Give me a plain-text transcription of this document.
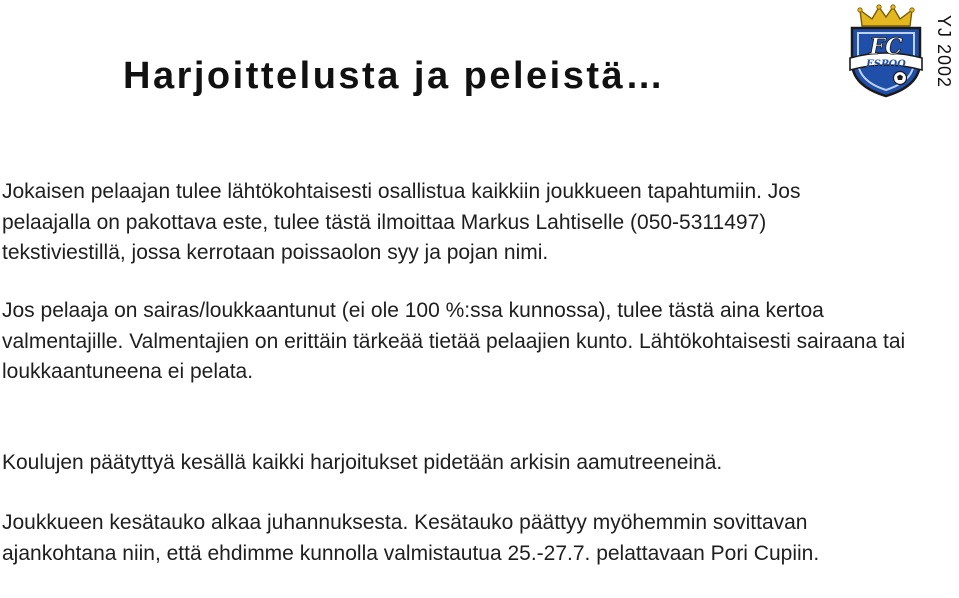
Harjoittelusta ja peleistä…
FC
ESPOO YJ 2002

Jokaisen pelaajan tulee lähtökohtaisesti osallistua kaikkiin joukkueen tapahtumiin. Jos pelaajalla on pakottava este, tulee tästä ilmoittaa Markus Lahtiselle (050-5311497) tekstiviestillä, jossa kerrotaan poissaolon syy ja pojan nimi.

Jos pelaaja on sairas/loukkaantunut (ei ole 100 %:ssa kunnossa), tulee tästä aina kertoa valmentajille. Valmentajien on erittäin tärkeää tietää pelaajien kunto. Lähtökohtaisesti sairaana tai loukkaantuneena ei pelata.

Koulujen päätyttyä kesällä kaikki harjoitukset pidetään arkisin aamutreeneinä.

Joukkueen kesätauko alkaa juhannuksesta. Kesätauko päättyy myöhemmin sovittavan ajankohtana niin, että ehdimme kunnolla valmistautua 25.-27.7. pelattavaan Pori Cupiin.
